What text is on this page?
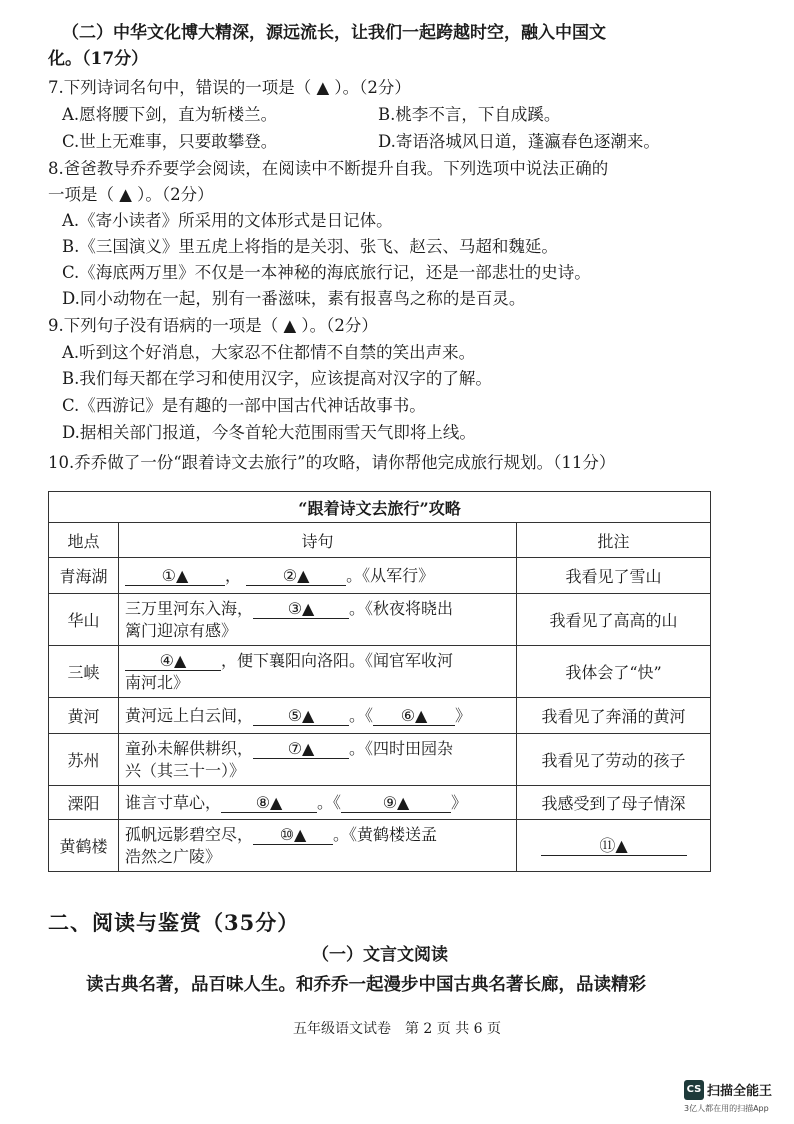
（二）中华文化博大精深，源远流长，让我们一起跨越时空，融入中国文
化。（17分）
7.下列诗词名句中，错误的一项是（ ▲ ）。（2分）
A.愿将腰下剑，直为斩楼兰。	B.桃李不言，下自成蹊。
C.世上无难事，只要敢攀登。	D.寄语洛城风日道，蓬瀛春色逐潮来。
8.爸爸教导乔乔要学会阅读，在阅读中不断提升自我。下列选项中说法正确的
一项是（ ▲ ）。（2分）
A.《寄小读者》所采用的文体形式是日记体。
B.《三国演义》里五虎上将指的是关羽、张飞、赵云、马超和魏延。
C.《海底两万里》不仅是一本神秘的海底旅行记，还是一部悲壮的史诗。
D.同小动物在一起，别有一番滋味，素有报喜鸟之称的是百灵。
9.下列句子没有语病的一项是（ ▲ ）。（2分）
A.听到这个好消息，大家忍不住都情不自禁的笑出声来。
B.我们每天都在学习和使用汉字，应该提高对汉字的了解。
C.《西游记》是有趣的一部中国古代神话故事书。
D.据相关部门报道，今冬首轮大范围雨雪天气即将上线。
10.乔乔做了一份“跟着诗文去旅行”的攻略，请你帮他完成旅行规划。（11分）
“跟着诗文去旅行”攻略		
地点	诗句	批注
青海湖	①▲ ， ②▲ 。《从军行》	我看见了雪山
华山	三万里河东入海， ③▲ 。《秋夜将晓出
篱门迎凉有感》	我看见了高高的山
三峡	④▲ ，便下襄阳向洛阳。《闻官军收河
南河北》	我体会了“快”
黄河	黄河远上白云间， ⑤▲ 。《 ⑥▲ 》	我看见了奔涌的黄河
苏州	童孙未解供耕织， ⑦▲ 。《四时田园杂
兴（其三十一）》	我看见了劳动的孩子
溧阳	谁言寸草心， ⑧▲ 。《 ⑨▲ 》	我感受到了母子情深
黄鹤楼	孤帆远影碧空尽， ⑩▲ 。《黄鹤楼送孟
浩然之广陵》	⑪▲
二、阅读与鉴赏（35分）
（一）文言文阅读
读古典名著，品百味人生。和乔乔一起漫步中国古典名著长廊，品读精彩
五年级语文试卷　第 2 页 共 6 页
CS 扫描全能王
3亿人都在用的扫描App
